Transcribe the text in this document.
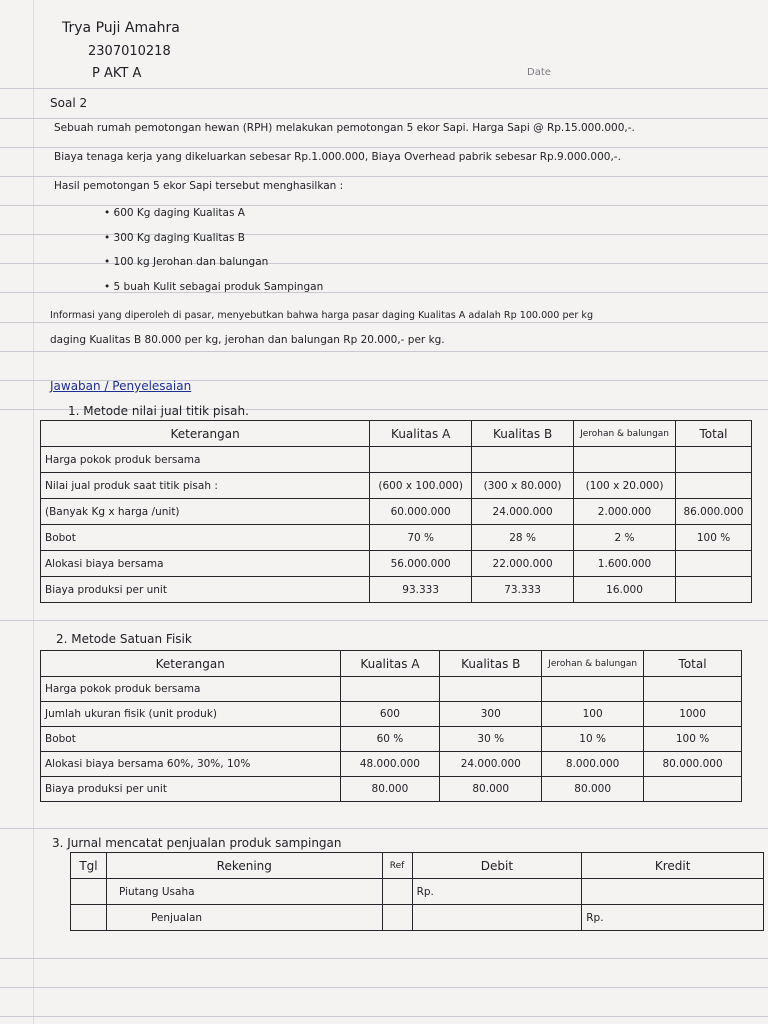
Trya Puji Amahra
2307010218
P AKT A	Date
Soal 2
Sebuah rumah pemotongan hewan (RPH) melakukan pemotongan 5 ekor Sapi. Harga Sapi @ Rp.15.000.000,-.
Biaya tenaga kerja yang dikeluarkan sebesar Rp.1.000.000, Biaya Overhead pabrik sebesar Rp.9.000.000,-.
Hasil pemotongan 5 ekor Sapi tersebut menghasilkan :
• 600 Kg daging Kualitas A
• 300 Kg daging Kualitas B
• 100 kg Jerohan dan balungan
• 5 buah Kulit sebagai produk Sampingan
Informasi yang diperoleh di pasar, menyebutkan bahwa harga pasar daging Kualitas A adalah Rp 100.000 per kg
daging Kualitas B 80.000 per kg, jerohan dan balungan Rp 20.000,- per kg.
Jawaban / Penyelesaian
1. Metode nilai jual titik pisah.
Keterangan	Kualitas A	Kualitas B	Jerohan & balungan	Total
Harga pokok produk bersama				
Nilai jual produk saat titik pisah :	(600 x 100.000)	(300 x 80.000)	(100 x 20.000)	
(Banyak Kg x harga /unit)	60.000.000	24.000.000	2.000.000	86.000.000
Bobot	70 %	28 %	2 %	100 %
Alokasi biaya bersama	56.000.000	22.000.000	1.600.000	
Biaya produksi per unit	93.333	73.333	16.000	
2. Metode Satuan Fisik
Keterangan	Kualitas A	Kualitas B	Jerohan & balungan	Total
Harga pokok produk bersama				
Jumlah ukuran fisik (unit produk)	600	300	100	1000
Bobot	60 %	30 %	10 %	100 %
Alokasi biaya bersama 60%, 30%, 10%	48.000.000	24.000.000	8.000.000	80.000.000
Biaya produksi per unit	80.000	80.000	80.000	
3. Jurnal mencatat penjualan produk sampingan
Tgl	Rekening	Ref	Debit	Kredit
	Piutang Usaha		Rp.	
	Penjualan			Rp.
